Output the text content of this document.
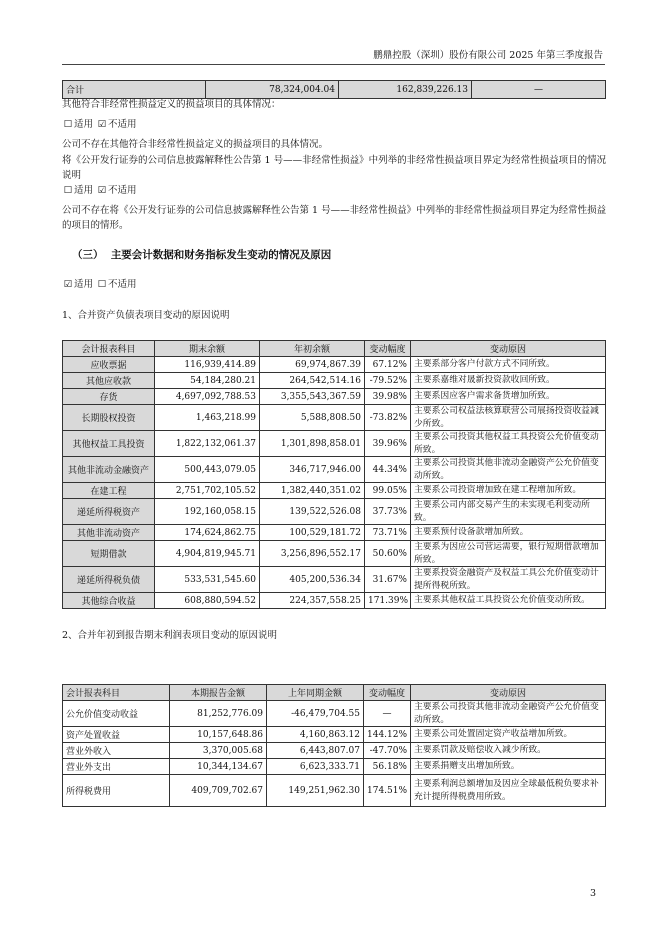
鹏鼎控股（深圳）股份有限公司 2025 年第三季度报告
合计	78,324,004.04	162,839,226.13	—
其他符合非经常性损益定义的损益项目的具体情况：
☐ 适用 ☑ 不适用
公司不存在其他符合非经常性损益定义的损益项目的具体情况。
将《公开发行证券的公司信息披露解释性公告第 1 号——非经常性损益》中列举的非经常性损益项目界定为经常性损益项目的情况说明
☐ 适用 ☑ 不适用
公司不存在将《公开发行证券的公司信息披露解释性公告第 1 号——非经常性损益》中列举的非经常性损益项目界定为经常性损益的项目的情形。
（三） 主要会计数据和财务指标发生变动的情况及原因
☑ 适用 ☐ 不适用
1、合并资产负债表项目变动的原因说明
会计报表科目	期末余额	年初余额	变动幅度	变动原因
应收票据	116,939,414.89	69,974,867.39	67.12%	主要系部分客户付款方式不同所致。
其他应收款	54,184,280.21	264,542,514.16	-79.52%	主要系嘉维对晟新投资款收回所致。
存货	4,697,092,788.53	3,355,543,367.59	39.98%	主要系因应客户需求备货增加所致。
长期股权投资	1,463,218.99	5,588,808.50	-73.82%	主要系公司权益法核算联营公司展扬投资收益减少所致。
其他权益工具投资	1,822,132,061.37	1,301,898,858.01	39.96%	主要系公司投资其他权益工具投资公允价值变动所致。
其他非流动金融资产	500,443,079.05	346,717,946.00	44.34%	主要系公司投资其他非流动金融资产公允价值变动所致。
在建工程	2,751,702,105.52	1,382,440,351.02	99.05%	主要系公司投资增加致在建工程增加所致。
递延所得税资产	192,160,058.15	139,522,526.08	37.73%	主要系公司内部交易产生的未实现毛利变动所致。
其他非流动资产	174,624,862.75	100,529,181.72	73.71%	主要系预付设备款增加所致。
短期借款	4,904,819,945.71	3,256,896,552.17	50.60%	主要系为因应公司营运需要，银行短期借款增加所致。
递延所得税负债	533,531,545.60	405,200,536.34	31.67%	主要系投资金融资产及权益工具公允价值变动计提所得税所致。
其他综合收益	608,880,594.52	224,357,558.25	171.39%	主要系其他权益工具投资公允价值变动所致。
2、合并年初到报告期末利润表项目变动的原因说明
会计报表科目	本期报告金额	上年同期金额	变动幅度	变动原因
公允价值变动收益	81,252,776.09	-46,479,704.55	—	主要系公司投资其他非流动金融资产公允价值变动所致。
资产处置收益	10,157,648.86	4,160,863.12	144.12%	主要系公司处置固定资产收益增加所致。
营业外收入	3,370,005.68	6,443,807.07	-47.70%	主要系罚款及赔偿收入减少所致。
营业外支出	10,344,134.67	6,623,333.71	56.18%	主要系捐赠支出增加所致。
所得税费用	409,709,702.67	149,251,962.30	174.51%	主要系利润总额增加及因应全球最低税负要求补充计提所得税费用所致。
3
